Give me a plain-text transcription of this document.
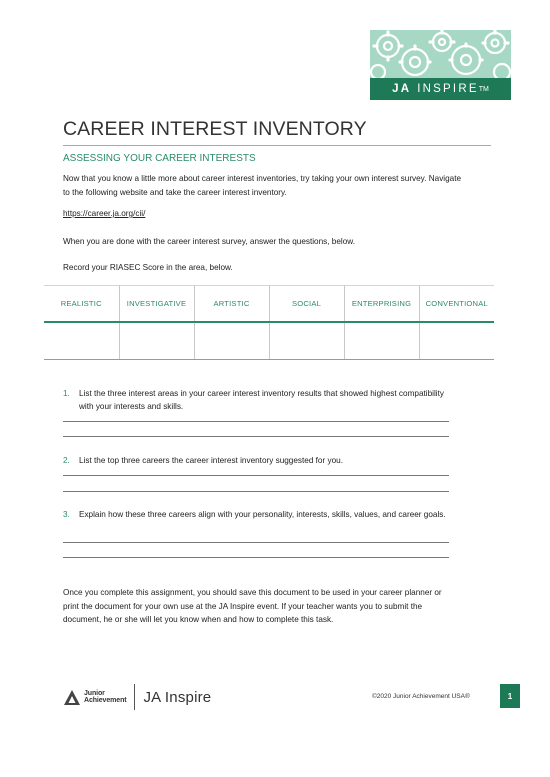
JA INSPIRE TM
CAREER INTEREST INVENTORY
ASSESSING YOUR CAREER INTERESTS
Now that you know a little more about career interest inventories, try taking your own interest survey. Navigate to the following website and take the career interest inventory.
https://career.ja.org/cii/
When you are done with the career interest survey, answer the questions, below.
Record your RIASEC Score in the area, below.
REALISTIC	INVESTIGATIVE	ARTISTIC	SOCIAL	ENTERPRISING	CONVENTIONAL

1.	List the three interest areas in your career interest inventory results that showed highest compatibility with your interests and skills.
2.	List the top three careers the career interest inventory suggested for you.
3.	Explain how these three careers align with your personality, interests, skills, values, and career goals.
Once you complete this assignment, you should save this document to be used in your career planner or print the document for your own use at the JA Inspire event. If your teacher wants you to submit the document, he or she will let you know when and how to complete this task.
Junior
Achievement JA Inspire	©2020 Junior Achievement USA®	1
